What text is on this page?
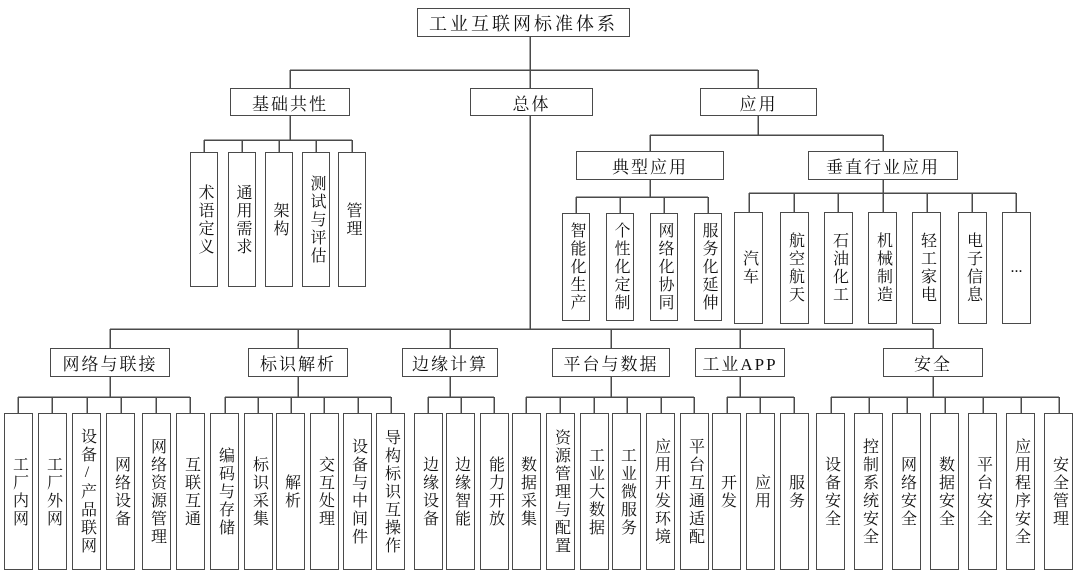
工业互联网标准体系
基础共性	总体	应用
术语定义	通用需求	架构	测试与评估	管理
典型应用	垂直行业应用
智能化生产	个性化定制	网络化协同	服务化延伸	汽车	航空航天	石油化工	机械制造	轻工家电	电子信息	...
网络与联接	标识解析	边缘计算	平台与数据	工业APP	安全
工厂内网	工厂外网	设备/产品联网	网络设备	网络资源管理	互联互通	编码与存储	标识采集 解析	交互处理	设备与中间件	导构标识互操作	边缘设备 边缘智能	能力开放 数据采集	资源管理与配置	工业大数据 工业微服务	应用开发环境	平台互通适配 开发	应用	服务	设备安全	控制系统安全	网络安全	数据安全	平台安全	应用程序安全	安全管理
